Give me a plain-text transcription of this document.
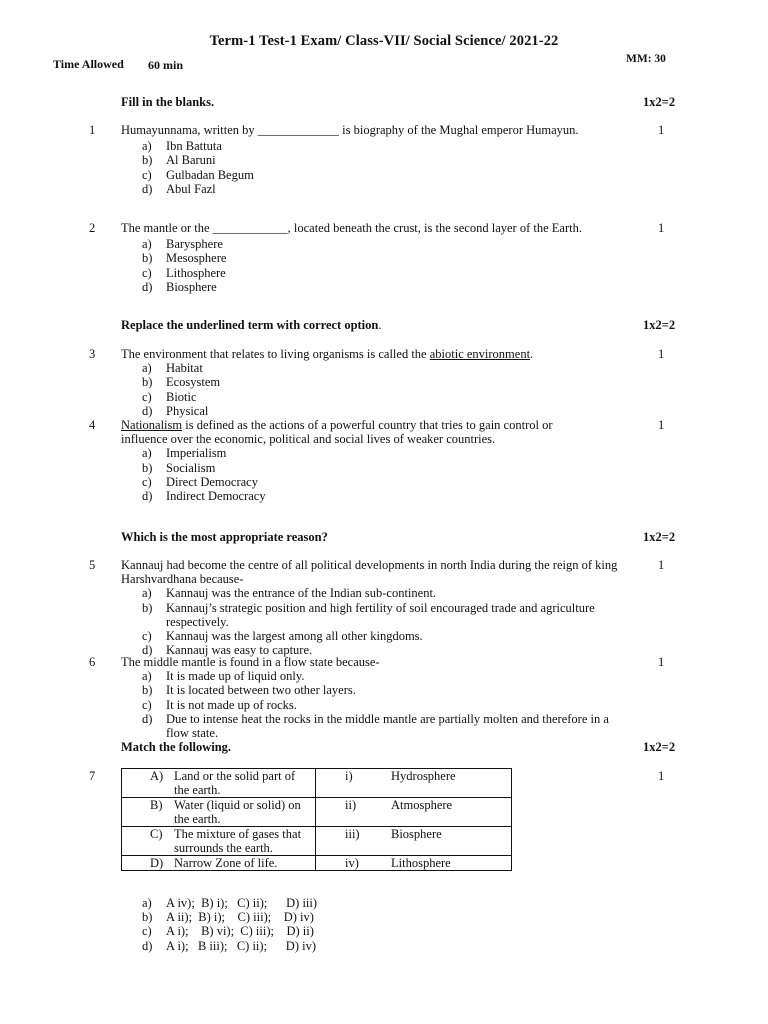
Term-1 Test-1 Exam/ Class-VII/ Social Science/ 2021-22
Time Allowed 60 min	MM: 30
Fill in the blanks.	1x2=2
1 Humayunnama, written by _____________ is biography of the Mughal emperor Humayun.
a) Ibn Battuta
b) Al Baruni
c) Gulbadan Begum
d) Abul Fazl
1
2 The mantle or the ____________, located beneath the crust, is the second layer of the Earth.
a) Barysphere
b) Mesosphere
c) Lithosphere
d) Biosphere
1
Replace the underlined term with correct option.	1x2=2
3 The environment that relates to living organisms is called the abiotic environment.
a) Habitat
b) Ecosystem
c) Biotic
d) Physical
1
4 Nationalism is defined as the actions of a powerful country that tries to gain control or influence over the economic, political and social lives of weaker countries.
a) Imperialism
b) Socialism
c) Direct Democracy
d) Indirect Democracy
1
Which is the most appropriate reason?	1x2=2
5 Kannauj had become the centre of all political developments in north India during the reign of king Harshvardhana because-
a) Kannauj was the entrance of the Indian sub-continent.
b) Kannauj’s strategic position and high fertility of soil encouraged trade and agriculture respectively.
c) Kannauj was the largest among all other kingdoms.
d) Kannauj was easy to capture.
1
6 The middle mantle is found in a flow state because-
a) It is made up of liquid only.
b) It is located between two other layers.
c) It is not made up of rocks.
d) Due to intense heat the rocks in the middle mantle are partially molten and therefore in a flow state.
1
Match the following.	1x2=2
7	1
A) Land or the solid part of the earth.	i) Hydrosphere

B) Water (liquid or solid) on the earth.	ii) Atmosphere

C) The mixture of gases that surrounds the earth.	iii) Biosphere

D) Narrow Zone of life.	iv) Lithosphere
a) A iv);  B) i);   C) ii);      D) iii)
b) A ii);  B) i);    C) iii);    D) iv)
c) A i);    B) vi);  C) iii);    D) ii)
d) A i);   B iii);   C) ii);      D) iv)
